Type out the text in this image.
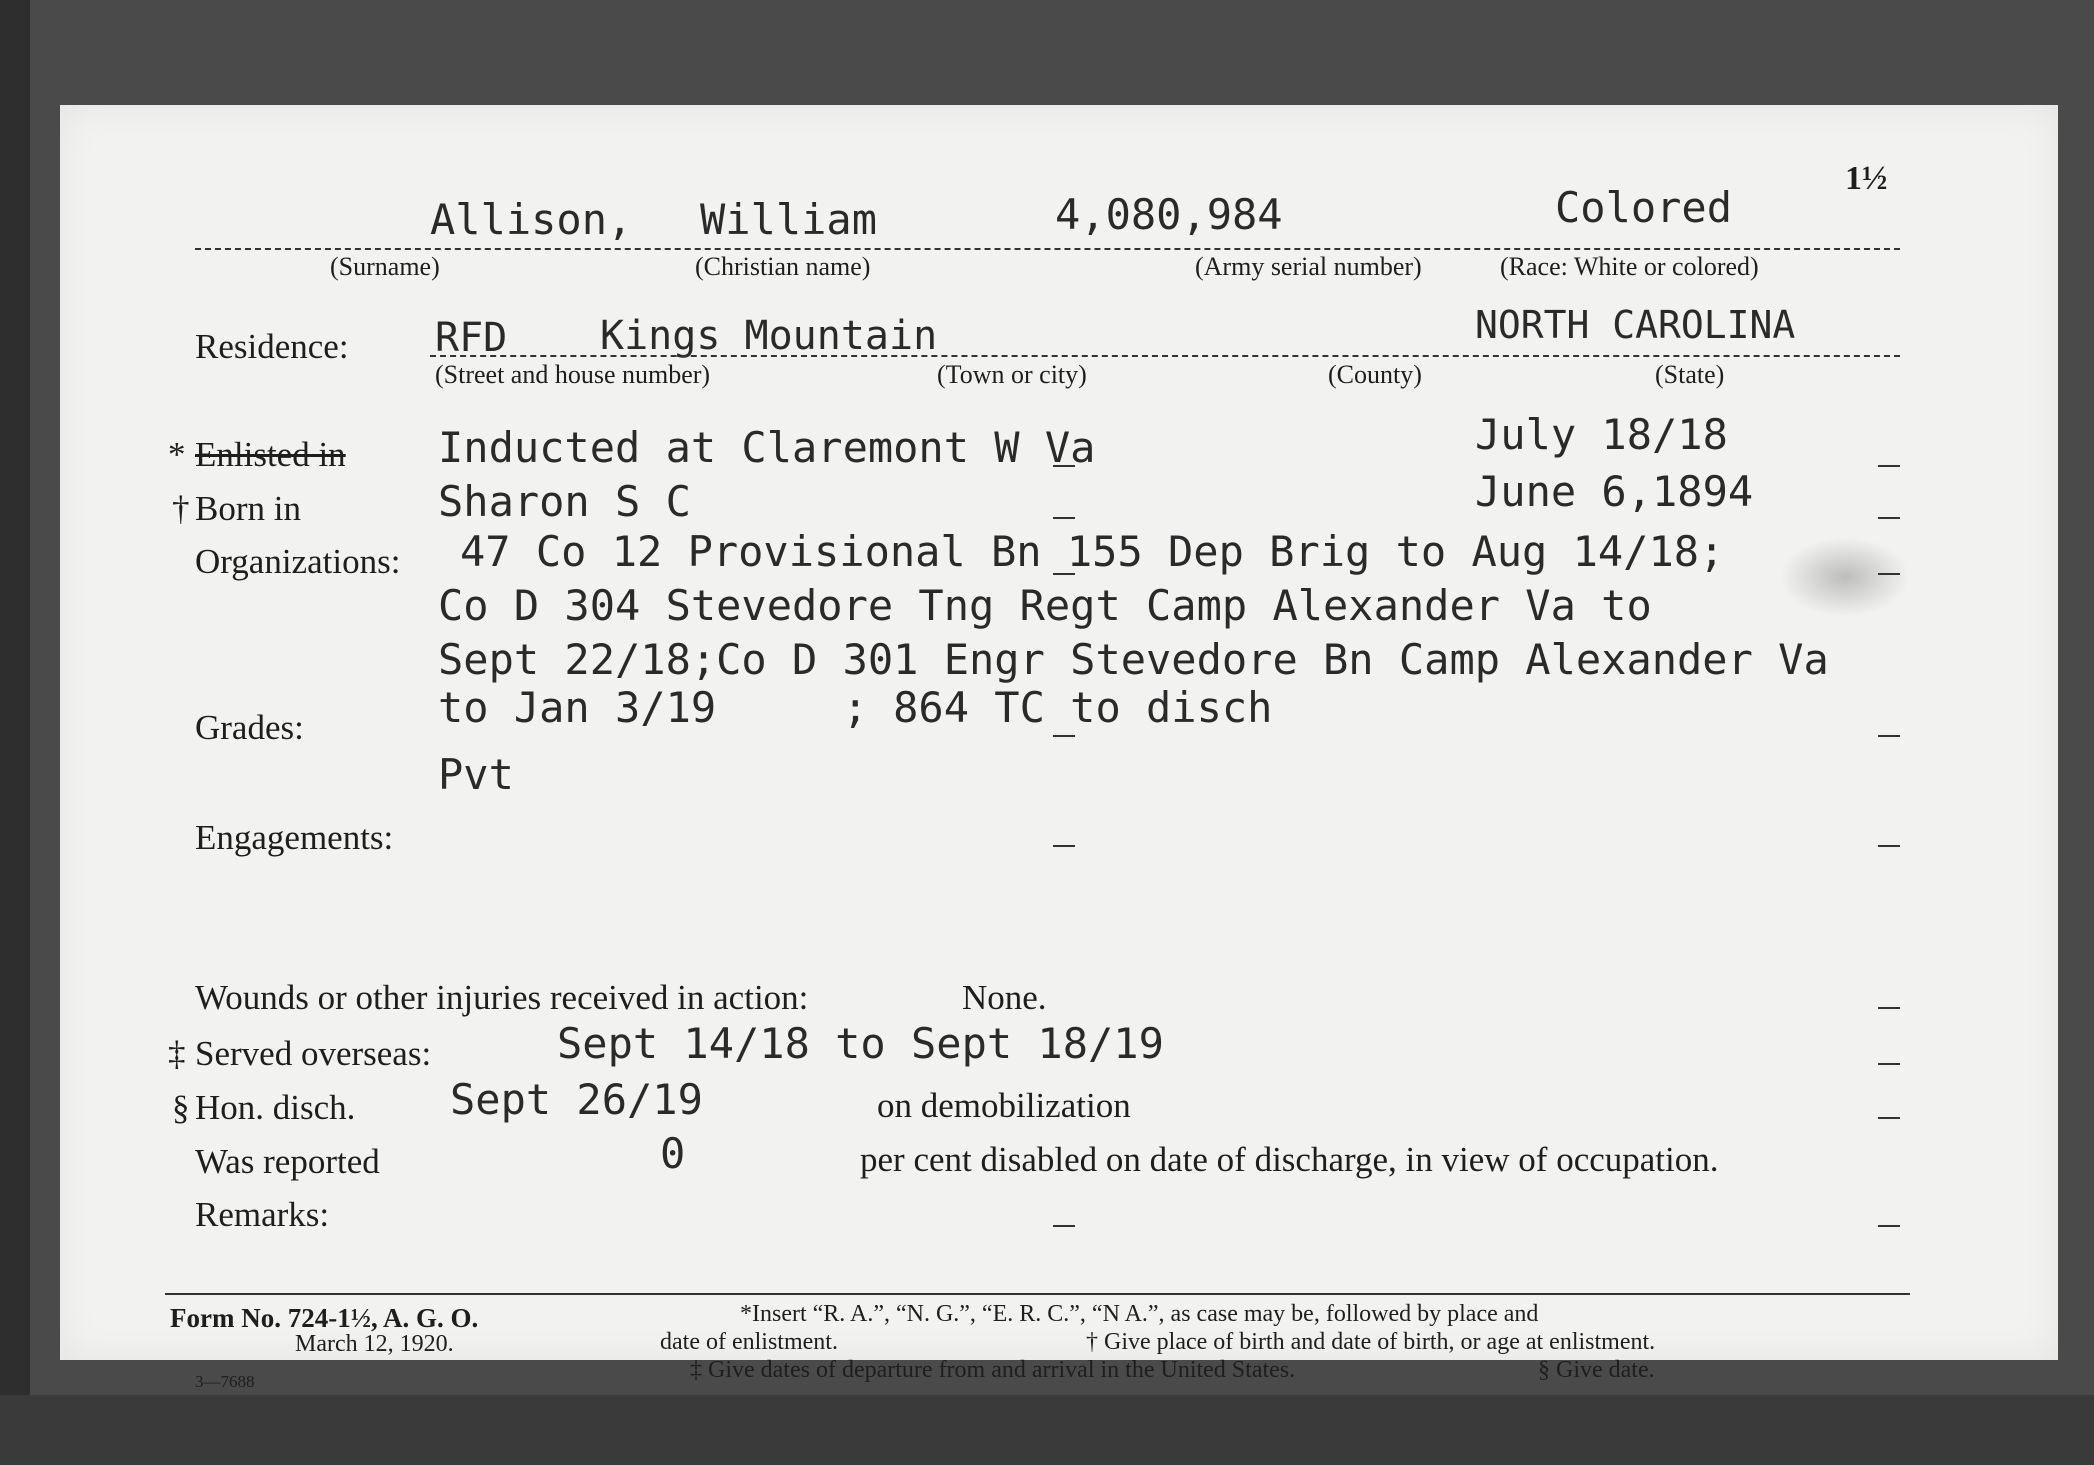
1½
Allison, William	4,080,984	Colored
(Surname)	(Christian name)	(Army serial number)	(Race: White or colored)
Residence: RFD Kings Mountain	NORTH CAROLINA
(Street and house number)	(Town or city)	(County)	(State)
* Enlisted in Inducted at Claremont W Va	July 18/18
† Born in	Sharon S C	June 6,1894
Organizations: 47 Co 12 Provisional Bn 155 Dep Brig to Aug 14/18;
Co D 304 Stevedore Tng Regt Camp Alexander Va to
Sept 22/18;Co D 301 Engr Stevedore Bn Camp Alexander Va
to Jan 3/19     ; 864 TC to disch
Grades:
Pvt
Engagements:
Wounds or other injuries received in action:	None.
‡ Served overseas:	Sept 14/18 to Sept 18/19
§ Hon. disch. Sept 26/19	on demobilization
Was reported	0	per cent disabled on date of discharge, in view of occupation.
Remarks:
Form No. 724-1½, A. G. O.
March 12, 1920.
3—7688
*Insert “R. A.”, “N. G.”, “E. R. C.”, “N A.”, as case may be, followed by place and
date of enlistment.	† Give place of birth and date of birth, or age at enlistment.
‡ Give dates of departure from and arrival in the United States.	§ Give date.
